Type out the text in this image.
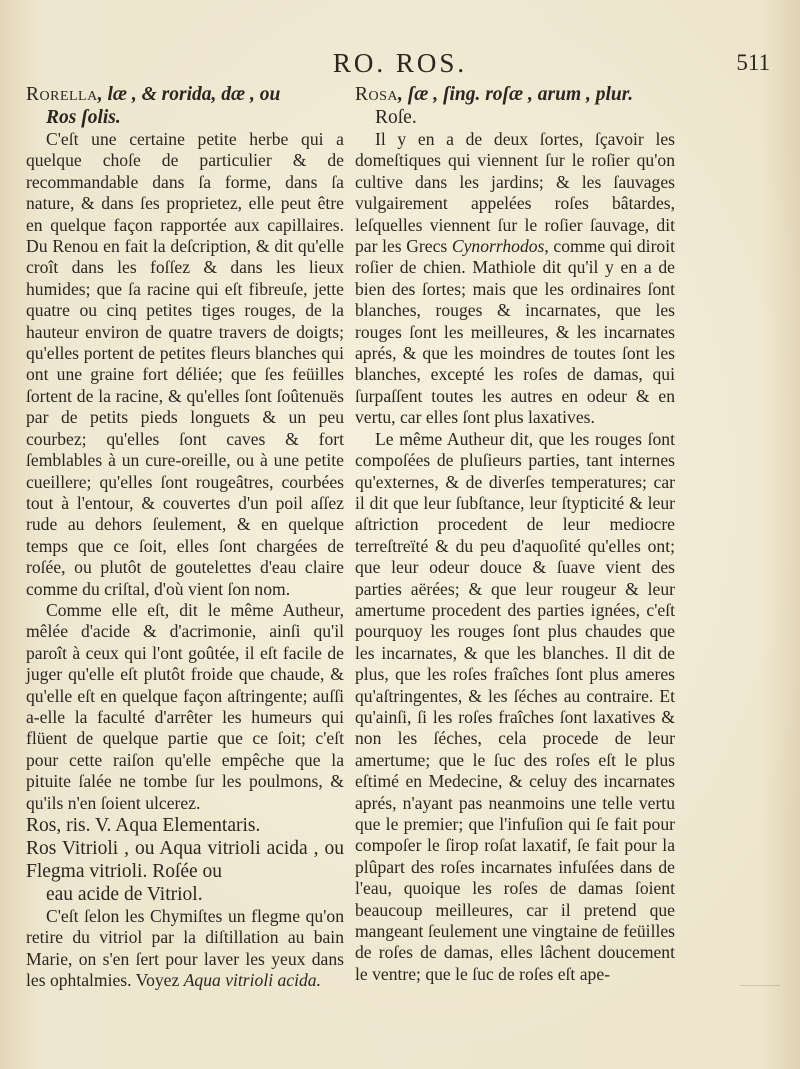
RO. ROS.	511

Rorella, læ , & rorida, dæ , ou

Ros ſolis.

C'eſt une certaine petite herbe qui a quelque choſe de particulier & de recommandable dans ſa forme, dans ſa nature, & dans ſes proprietez, elle peut être en quelque façon rapportée aux capillaires. Du Renou en fait la deſcription, & dit qu'elle croît dans les foſſez & dans les lieux humides; que ſa racine qui eſt fibreuſe, jette quatre ou cinq petites tiges rouges, de la hauteur environ de quatre travers de doigts; qu'elles portent de petites fleurs blanches qui ont une graine fort déliée; que ſes feüilles ſortent de la racine, & qu'elles ſont ſoûtenuës par de petits pieds longuets & un peu courbez; qu'elles ſont caves & fort ſemblables à un cure-oreille, ou à une petite cueillere; qu'elles ſont rougeâtres, courbées tout à l'entour, & couvertes d'un poil aſſez rude au dehors ſeulement, & en quelque temps que ce ſoit, elles ſont chargées de roſée, ou plutôt de goutelettes d'eau claire comme du criſtal, d'où vient ſon nom.

Comme elle eſt, dit le même Autheur, mêlée d'acide & d'acrimonie, ainſi qu'il paroît à ceux qui l'ont goûtée, il eſt facile de juger qu'elle eſt plutôt froide que chaude, & qu'elle eſt en quelque façon aſtringente; auſſi a-elle la faculté d'arrêter les humeurs qui flüent de quelque partie que ce ſoit; c'eſt pour cette raiſon qu'elle empêche que la pituite ſalée ne tombe ſur les poulmons, & qu'ils n'en ſoient ulcerez.

Ros, ris. V. Aqua Elementaris.

Ros Vitrioli , ou Aqua vitrioli acida , ou Flegma vitrioli. Roſée ou

eau acide de Vitriol.

C'eſt ſelon les Chymiſtes un flegme qu'on retire du vitriol par la diſtillation au bain Marie, on s'en ſert pour laver les yeux dans les ophtalmies. Voyez Aqua vitrioli acida.

Rosa, ſæ , ſing. roſæ , arum , plur.

Roſe.

Il y en a de deux ſortes, ſçavoir les domeſtiques qui viennent ſur le roſier qu'on cultive dans les jardins; & les ſauvages vulgairement appelées roſes bâtardes, leſquelles viennent ſur le roſier ſauvage, dit par les Grecs Cynorrhodos, comme qui diroit roſier de chien. Mathiole dit qu'il y en a de bien des ſortes; mais que les ordinaires ſont blanches, rouges & incarnates, que les rouges ſont les meilleures, & les incarnates aprés, & que les moindres de toutes ſont les blanches, excepté les roſes de damas, qui ſurpaſſent toutes les autres en odeur & en vertu, car elles ſont plus laxatives.

Le même Autheur dit, que les rouges ſont compoſées de pluſieurs parties, tant internes qu'externes, & de diverſes temperatures; car il dit que leur ſubſtance, leur ſtypticité & leur aſtriction procedent de leur mediocre terreſtreïté & du peu d'aquoſité qu'elles ont; que leur odeur douce & ſuave vient des parties aërées; & que leur rougeur & leur amertume procedent des parties ignées, c'eſt pourquoy les rouges ſont plus chaudes que les incarnates, & que les blanches. Il dit de plus, que les roſes fraîches ſont plus ameres qu'aſtringentes, & les ſéches au contraire. Et qu'ainſi, ſi les roſes fraîches ſont laxatives & non les ſéches, cela procede de leur amertume; que le ſuc des roſes eſt le plus eſtimé en Medecine, & celuy des incarnates aprés, n'ayant pas neanmoins une telle vertu que le premier; que l'infuſion qui ſe fait pour compoſer le ſirop roſat laxatif, ſe fait pour la plûpart des roſes incarnates infuſées dans de l'eau, quoique les roſes de damas ſoient beaucoup meilleures, car il pretend que mangeant ſeulement une vingtaine de feüilles de roſes de damas, elles lâchent doucement le ventre; que le ſuc de roſes eſt ape-
